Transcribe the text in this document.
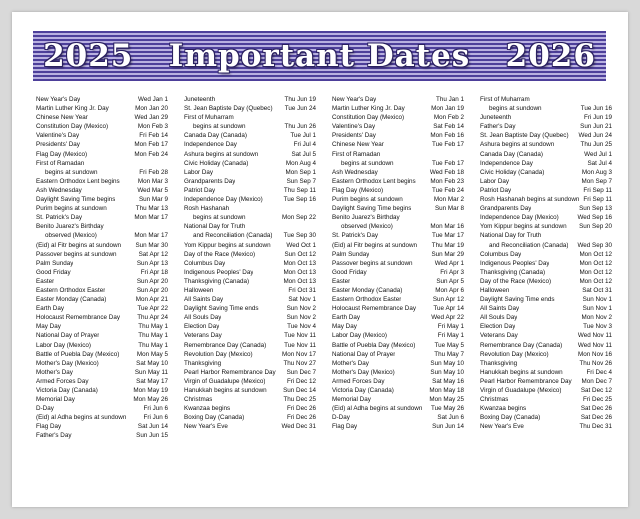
2025   Important Dates   2026
New Year's Day	Wed Jan 1
Martin Luther King Jr. Day	Mon Jan 20
Chinese New Year	Wed Jan 29
Constitution Day (Mexico)	Mon Feb 3
Valentine's Day	Fri Feb 14
Presidents' Day	Mon Feb 17
Flag Day (Mexico)	Mon Feb 24
First of Ramadan
begins at sundown	Fri Feb 28
Eastern Orthodox Lent begins	Mon Mar 3
Ash Wednesday	Wed Mar 5
Daylight Saving Time begins	Sun Mar 9
Purim begins at sundown	Thu Mar 13
St. Patrick's Day	Mon Mar 17
Benito Juarez's Birthday
observed (Mexico)	Mon Mar 17
(Eid) al Fitr begins at sundown	Sun Mar 30
Passover begins at sundown	Sat Apr 12
Palm Sunday	Sun Apr 13
Good Friday	Fri Apr 18
Easter	Sun Apr 20
Eastern Orthodox Easter	Sun Apr 20
Easter Monday (Canada)	Mon Apr 21
Earth Day	Tue Apr 22
Holocaust Remembrance Day	Thu Apr 24
May Day	Thu May 1
National Day of Prayer	Thu May 1
Labor Day (Mexico)	Thu May 1
Battle of Puebla Day (Mexico)	Mon May 5
Mother's Day (Mexico)	Sat May 10
Mother's Day	Sun May 11
Armed Forces Day	Sat May 17
Victoria Day (Canada)	Mon May 19
Memorial Day	Mon May 26
D-Day	Fri Jun 6
(Eid) al Adha begins at sundown	Fri Jun 6
Flag Day	Sat Jun 14
Father's Day	Sun Jun 15
Juneteenth	Thu Jun 19
St. Jean Baptiste Day (Quebec)	Tue Jun 24
First of Muharram
begins at sundown	Thu Jun 26
Canada Day (Canada)	Tue Jul 1
Independence Day	Fri Jul 4
Ashura begins at sundown	Sat Jul 5
Civic Holiday (Canada)	Mon Aug 4
Labor Day	Mon Sep 1
Grandparents Day	Sun Sep 7
Patriot Day	Thu Sep 11
Independence Day (Mexico)	Tue Sep 16
Rosh Hashanah
begins at sundown	Mon Sep 22
National Day for Truth
and Reconciliation (Canada)	Tue Sep 30
Yom Kippur begins at sundown	Wed Oct 1
Day of the Race (Mexico)	Sun Oct 12
Columbus Day	Mon Oct 13
Indigenous Peoples' Day	Mon Oct 13
Thanksgiving (Canada)	Mon Oct 13
Halloween	Fri Oct 31
All Saints Day	Sat Nov 1
Daylight Saving Time ends	Sun Nov 2
All Souls Day	Sun Nov 2
Election Day	Tue Nov 4
Veterans Day	Tue Nov 11
Remembrance Day (Canada)	Tue Nov 11
Revolution Day (Mexico)	Mon Nov 17
Thanksgiving	Thu Nov 27
Pearl Harbor Remembrance Day	Sun Dec 7
Virgin of Guadalupe (Mexico)	Fri Dec 12
Hanukkah begins at sundown	Sun Dec 14
Christmas	Thu Dec 25
Kwanzaa begins	Fri Dec 26
Boxing Day (Canada)	Fri Dec 26
New Year's Eve	Wed Dec 31
New Year's Day	Thu Jan 1
Martin Luther King Jr. Day	Mon Jan 19
Constitution Day (Mexico)	Mon Feb 2
Valentine's Day	Sat Feb 14
Presidents' Day	Mon Feb 16
Chinese New Year	Tue Feb 17
First of Ramadan
begins at sundown	Tue Feb 17
Ash Wednesday	Wed Feb 18
Eastern Orthodox Lent begins	Mon Feb 23
Flag Day (Mexico)	Tue Feb 24
Purim begins at sundown	Mon Mar 2
Daylight Saving Time begins	Sun Mar 8
Benito Juarez's Birthday
observed (Mexico)	Mon Mar 16
St. Patrick's Day	Tue Mar 17
(Eid) al Fitr begins at sundown	Thu Mar 19
Palm Sunday	Sun Mar 29
Passover begins at sundown	Wed Apr 1
Good Friday	Fri Apr 3
Easter	Sun Apr 5
Easter Monday (Canada)	Mon Apr 6
Eastern Orthodox Easter	Sun Apr 12
Holocaust Remembrance Day	Tue Apr 14
Earth Day	Wed Apr 22
May Day	Fri May 1
Labor Day (Mexico)	Fri May 1
Battle of Puebla Day (Mexico)	Tue May 5
National Day of Prayer	Thu May 7
Mother's Day	Sun May 10
Mother's Day (Mexico)	Sun May 10
Armed Forces Day	Sat May 16
Victoria Day (Canada)	Mon May 18
Memorial Day	Mon May 25
(Eid) al Adha begins at sundown	Tue May 26
D-Day	Sat Jun 6
Flag Day	Sun Jun 14
First of Muharram
begins at sundown	Tue Jun 16
Juneteenth	Fri Jun 19
Father's Day	Sun Jun 21
St. Jean Baptiste Day (Quebec)	Wed Jun 24
Ashura begins at sundown	Thu Jun 25
Canada Day (Canada)	Wed Jul 1
Independence Day	Sat Jul 4
Civic Holiday (Canada)	Mon Aug 3
Labor Day	Mon Sep 7
Patriot Day	Fri Sep 11
Rosh Hashanah begins at sundown Fri Sep 11
Grandparents Day	Sun Sep 13
Independence Day (Mexico)	Wed Sep 16
Yom Kippur begins at sundown	Sun Sep 20
National Day for Truth
and Reconciliation (Canada)	Wed Sep 30
Columbus Day	Mon Oct 12
Indigenous Peoples' Day	Mon Oct 12
Thanksgiving (Canada)	Mon Oct 12
Day of the Race (Mexico)	Mon Oct 12
Halloween	Sat Oct 31
Daylight Saving Time ends	Sun Nov 1
All Saints Day	Sun Nov 1
All Souls Day	Mon Nov 2
Election Day	Tue Nov 3
Veterans Day	Wed Nov 11
Remembrance Day (Canada)	Wed Nov 11
Revolution Day (Mexico)	Mon Nov 16
Thanksgiving	Thu Nov 26
Hanukkah begins at sundown	Fri Dec 4
Pearl Harbor Remembrance Day	Mon Dec 7
Virgin of Guadalupe (Mexico)	Sat Dec 12
Christmas	Fri Dec 25
Kwanzaa begins	Sat Dec 26
Boxing Day (Canada)	Sat Dec 26
New Year's Eve	Thu Dec 31
